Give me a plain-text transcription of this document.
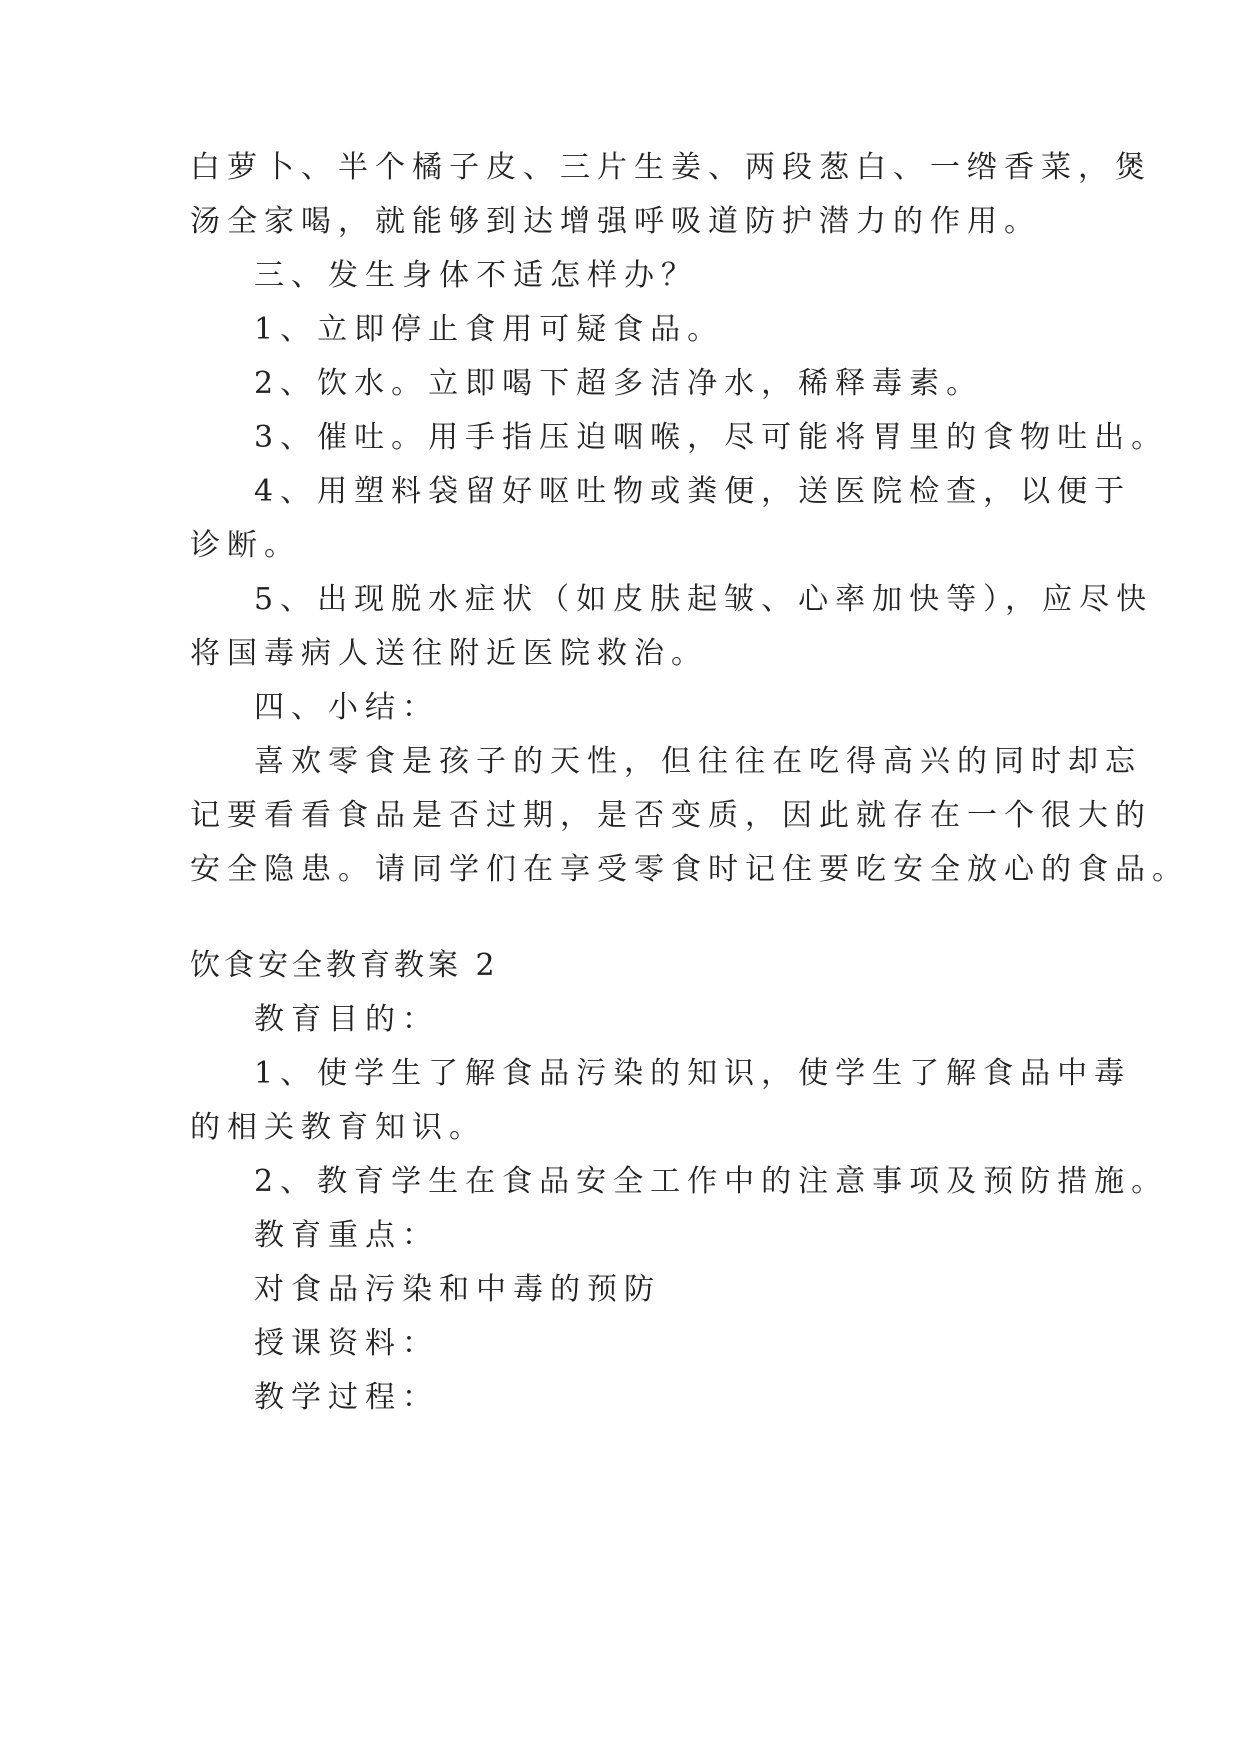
白萝卜、半个橘子皮、三片生姜、两段葱白、一绺香菜，煲
汤全家喝，就能够到达增强呼吸道防护潜力的作用。
三、发生身体不适怎样办？
1、立即停止食用可疑食品。
2、饮水。立即喝下超多洁净水，稀释毒素。
3、催吐。用手指压迫咽喉，尽可能将胃里的食物吐出。
4、用塑料袋留好呕吐物或粪便，送医院检查，以便于
诊断。
5、出现脱水症状（如皮肤起皱、心率加快等），应尽快
将国毒病人送往附近医院救治。
四、小结：
喜欢零食是孩子的天性，但往往在吃得高兴的同时却忘
记要看看食品是否过期，是否变质，因此就存在一个很大的
安全隐患。请同学们在享受零食时记住要吃安全放心的食品。
饮食安全教育教案 2
教育目的：
1、使学生了解食品污染的知识，使学生了解食品中毒
的相关教育知识。
2、教育学生在食品安全工作中的注意事项及预防措施。
教育重点：
对食品污染和中毒的预防
授课资料：
教学过程：
